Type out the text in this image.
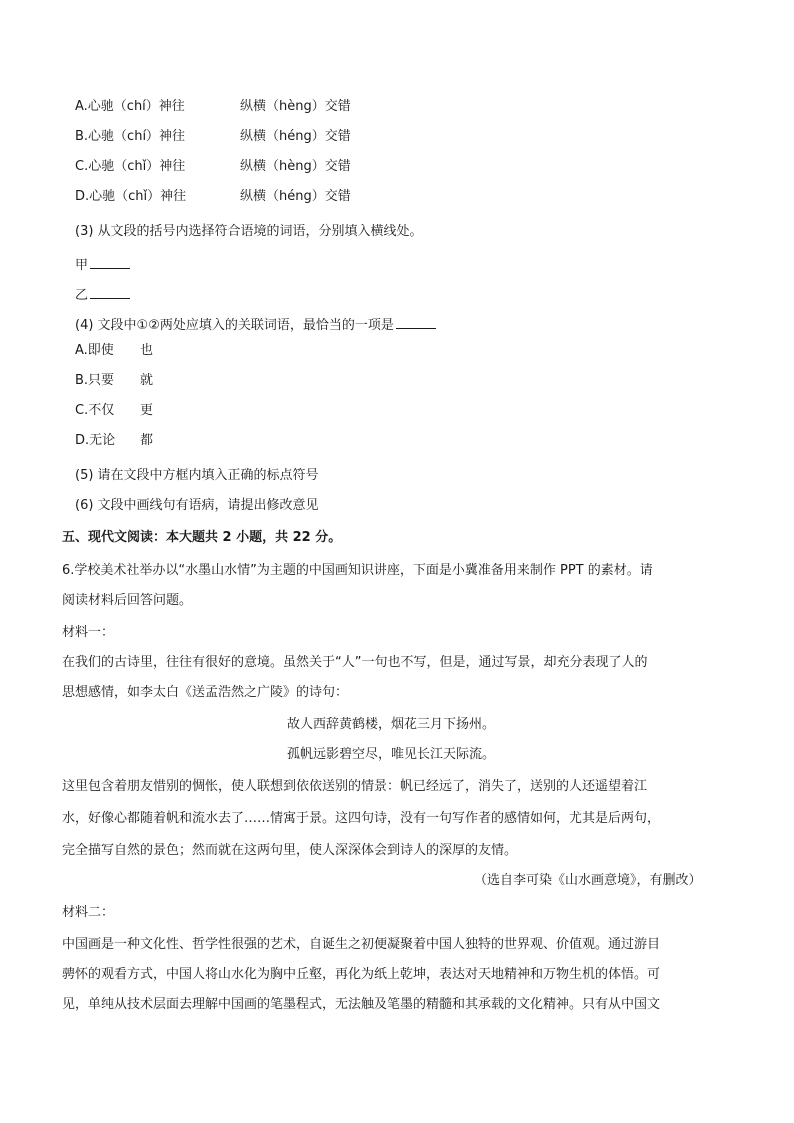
A.心驰（chí）神往	纵横（hèng）交错
B.心驰（chí）神往	纵横（héng）交错
C.心驰（chǐ）神往	纵横（hèng）交错
D.心驰（chǐ）神往	纵横（héng）交错
(3) 从文段的括号内选择符合语境的词语，分别填入横线处。
甲
乙
(4) 文段中①②两处应填入的关联词语，最恰当的一项是
A.即使 也
B.只要 就
C.不仅 更
D.无论 都
(5) 请在文段中方框内填入正确的标点符号
(6) 文段中画线句有语病，请提出修改意见
五、现代文阅读：本大题共 2 小题，共 22 分。
6.学校美术社举办以“水墨山水情”为主题的中国画知识讲座，下面是小冀准备用来制作 PPT 的素材。请
阅读材料后回答问题。
材料一：
在我们的古诗里，往往有很好的意境。虽然关于“人”一句也不写，但是，通过写景，却充分表现了人的
思想感情，如李太白《送孟浩然之广陵》的诗句：
故人西辞黄鹤楼，烟花三月下扬州。
孤帆远影碧空尽，唯见长江天际流。
这里包含着朋友惜别的惆怅，使人联想到依依送别的情景：帆已经远了，消失了，送别的人还遥望着江
水，好像心都随着帆和流水去了……情寓于景。这四句诗，没有一句写作者的感情如何，尤其是后两句，
完全描写自然的景色；然而就在这两句里，使人深深体会到诗人的深厚的友情。
（选自李可染《山水画意境》，有删改）
材料二：
中国画是一种文化性、哲学性很强的艺术，自诞生之初便凝聚着中国人独特的世界观、价值观。通过游目
骋怀的观看方式，中国人将山水化为胸中丘壑，再化为纸上乾坤，表达对天地精神和万物生机的体悟。可
见，单纯从技术层面去理解中国画的笔墨程式，无法触及笔墨的精髓和其承载的文化精神。只有从中国文
